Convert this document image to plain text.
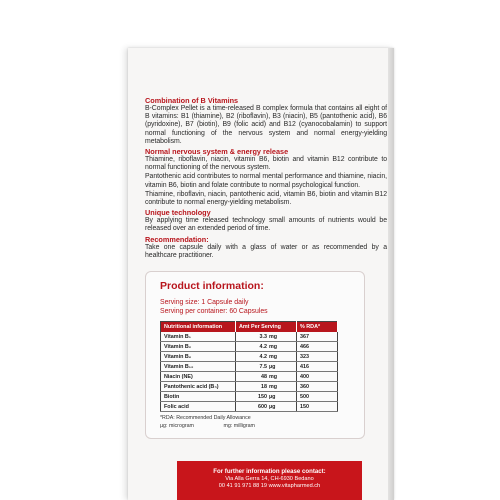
Combination of B Vitamins

B-Complex Pellet is a time-released B complex formula that contains all eight of B vitamins: B1 (thiamine), B2 (riboflavin), B3 (niacin), B5 (pantothenic acid), B6 (pyridoxine), B7 (biotin), B9 (folic acid) and B12 (cyanocobalamin) to support normal functioning of the nervous system and normal energy-yielding metabolism.

Normal nervous system & energy release

Thiamine, riboflavin, niacin, vitamin B6, biotin and vitamin B12 contribute to normal functioning of the nervous system.

Pantothenic acid contributes to normal mental performance and thiamine, niacin, vitamin B6, biotin and folate contribute to normal psychological function.

Thiamine, riboflavin, niacin, pantothenic acid, vitamin B6, biotin and vitamin B12 contribute to normal energy-yielding metabolism.

Unique technology

By applying time released technology small amounts of nutrients would be released over an extended period of time.

Recommendation:

Take one capsule daily with a glass of water or as recommended by a healthcare practitioner.

Product information:
Serving size: 1 Capsule daily
Serving per container: 60 Capsules
Nutritional information	Amt Per Serving	% RDA*
Vitamin B₁	3.3 mg	367
Vitamin B₂	4.2 mg	466
Vitamin B₆	4.2 mg	323
Vitamin B₁₂	7.5 µg	416
Niacin (NE)	48 mg	400
Pantothenic acid (B₅)	18 mg	360
Biotin	150 µg	500
Folic acid	600 µg	150
*RDA: Recommended Daily Allowance
µg: microgram	mg: milligram
For further information please contact:
Via Alla Gerra 14, CH-6930 Bedano
00 41 91 971 88 19 www.vitapharmed.ch
